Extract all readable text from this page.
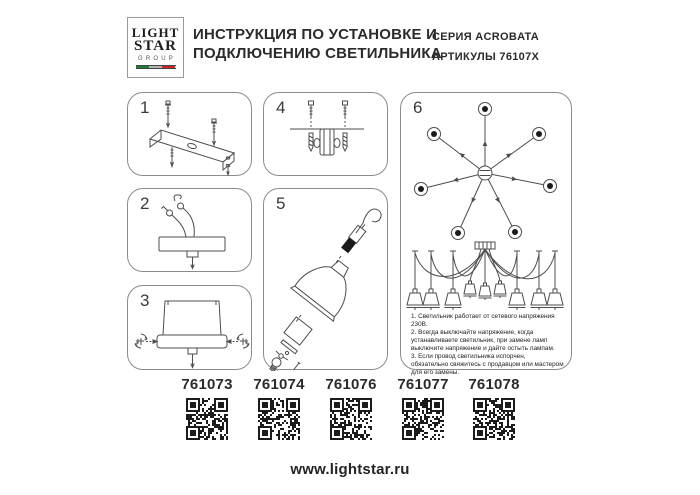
LIGHT
STAR
GROUP
ИНСТРУКЦИЯ ПО УСТАНОВКЕ И
ПОДКЛЮЧЕНИЮ СВЕТИЛЬНИКА
СЕРИЯ ACROBATA
АРТИКУЛЫ 76107Х
1
2
3
4
5
6

1. Светильник работает от сетевого напряжения 230В.

2. Всегда выключайте напряжение, когда устанавливаете светильник, при замене ламп выключите напряжение и дайте остыть лампам.

3. Если провод светильника испорчен, обязательно свяжитесь с продавцом или мастером для его замены.

761073	761074	761076	761077	761078
www.lightstar.ru
